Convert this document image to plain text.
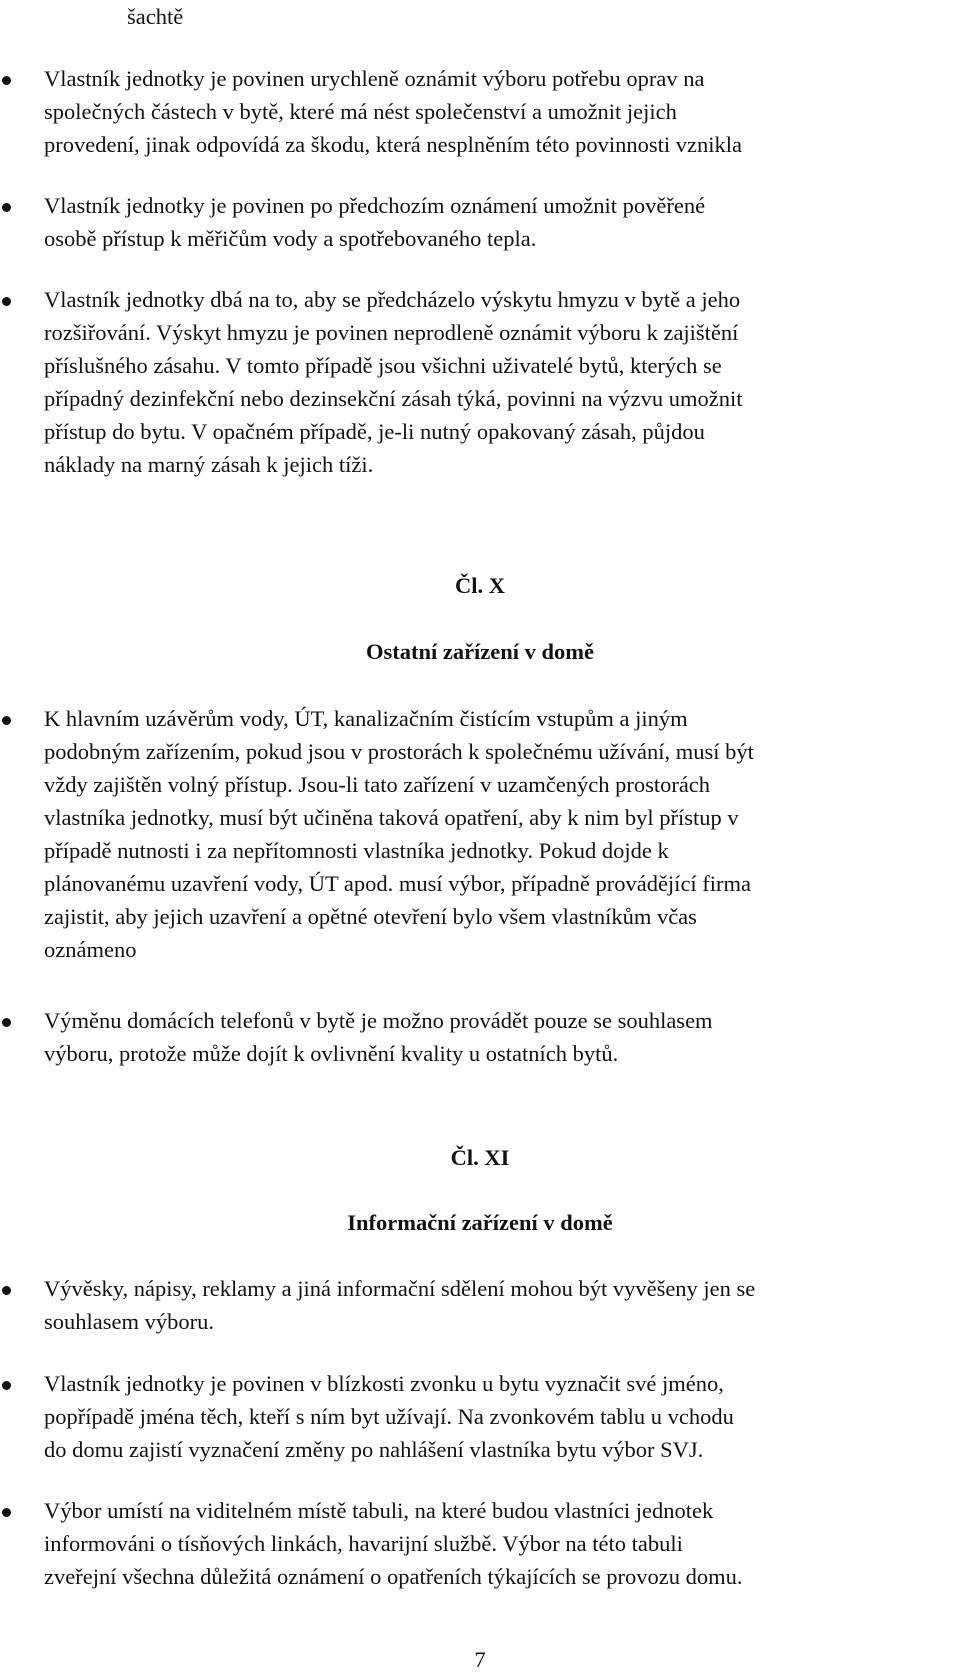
šachtě
Vlastník jednotky je povinen urychleně oznámit výboru potřebu oprav na
společných částech v bytě, které má nést společenství a umožnit jejich
provedení, jinak odpovídá za škodu, která nesplněním této povinnosti vznikla
Vlastník jednotky je povinen po předchozím oznámení umožnit pověřené
osobě přístup k měřičům vody a spotřebovaného tepla.
Vlastník jednotky dbá na to, aby se předcházelo výskytu hmyzu v bytě a jeho
rozšiřování. Výskyt hmyzu je povinen neprodleně oznámit výboru k zajištění
příslušného zásahu. V tomto případě jsou všichni uživatelé bytů, kterých se
případný dezinfekční nebo dezinsekční zásah týká, povinni na výzvu umožnit
přístup do bytu. V opačném případě, je-li nutný opakovaný zásah, půjdou
náklady na marný zásah k jejich tíži.
Čl. X
Ostatní zařízení v domě
K hlavním uzávěrům vody, ÚT, kanalizačním čistícím vstupům a jiným
podobným zařízením, pokud jsou v prostorách k společnému užívání, musí být
vždy zajištěn volný přístup. Jsou-li tato zařízení v uzamčených prostorách
vlastníka jednotky, musí být učiněna taková opatření, aby k nim byl přístup v
případě nutnosti i za nepřítomnosti vlastníka jednotky. Pokud dojde k
plánovanému uzavření vody, ÚT apod. musí výbor, případně provádějící firma
zajistit, aby jejich uzavření a opětné otevření bylo všem vlastníkům včas
oznámeno
Výměnu domácích telefonů v bytě je možno provádět pouze se souhlasem
výboru, protože může dojít k ovlivnění kvality u ostatních bytů.
Čl. XI
Informační zařízení v domě
Vývěsky, nápisy, reklamy a jiná informační sdělení mohou být vyvěšeny jen se
souhlasem výboru.
Vlastník jednotky je povinen v blízkosti zvonku u bytu vyznačit své jméno,
popřípadě jména těch, kteří s ním byt užívají. Na zvonkovém tablu u vchodu
do domu zajistí vyznačení změny po nahlášení vlastníka bytu výbor SVJ.
Výbor umístí na viditelném místě tabuli, na které budou vlastníci jednotek
informováni o tísňových linkách, havarijní službě. Výbor na této tabuli
zveřejní všechna důležitá oznámení o opatřeních týkajících se provozu domu.
7
